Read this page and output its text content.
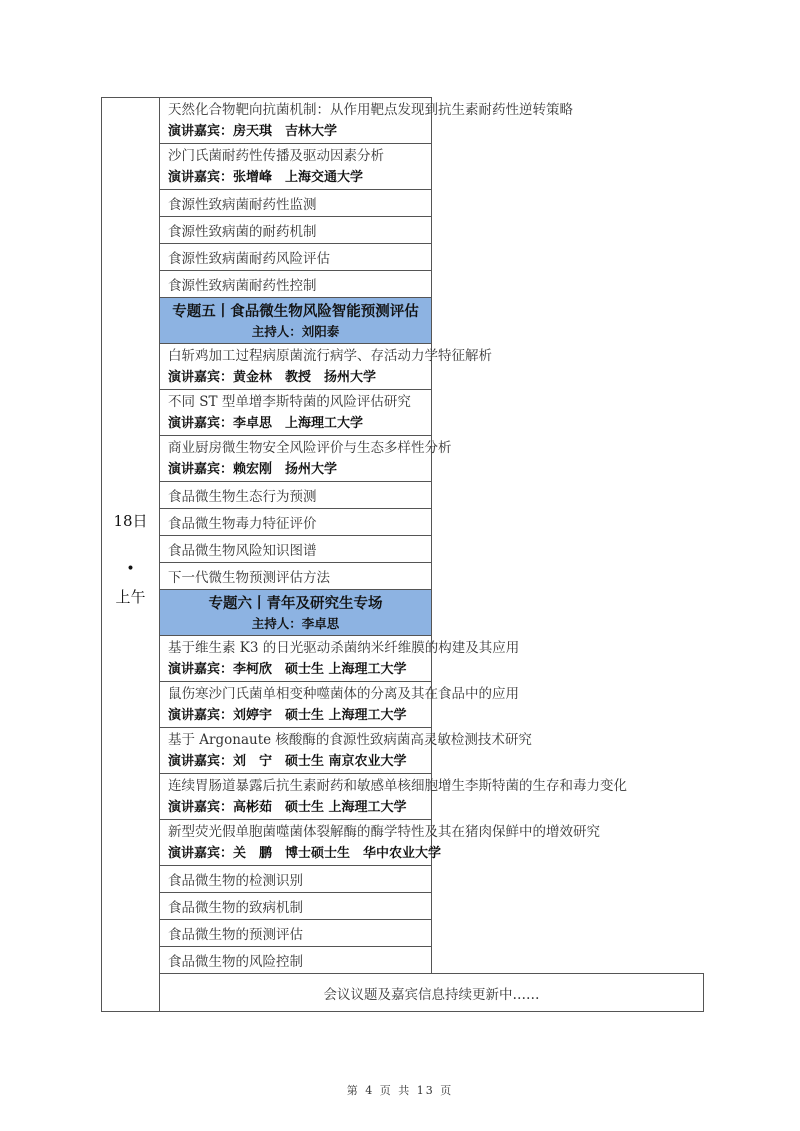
18日
•
上午

天然化合物靶向抗菌机制：从作用靶点发现到抗生素耐药性逆转策略
演讲嘉宾：房天琪　吉林大学

沙门氏菌耐药性传播及驱动因素分析
演讲嘉宾：张增峰　上海交通大学

食源性致病菌耐药性监测

食源性致病菌的耐药机制

食源性致病菌耐药风险评估

食源性致病菌耐药性控制

专题五丨食品微生物风险智能预测评估
主持人：刘阳泰

白斩鸡加工过程病原菌流行病学、存活动力学特征解析
演讲嘉宾：黄金林　教授　扬州大学

不同 ST 型单增李斯特菌的风险评估研究
演讲嘉宾：李卓思　上海理工大学

商业厨房微生物安全风险评价与生态多样性分析
演讲嘉宾：赖宏刚　扬州大学

食品微生物生态行为预测

食品微生物毒力特征评价

食品微生物风险知识图谱

下一代微生物预测评估方法

专题六丨青年及研究生专场
主持人：李卓思

基于维生素 K3 的日光驱动杀菌纳米纤维膜的构建及其应用
演讲嘉宾：李柯欣　硕士生 上海理工大学

鼠伤寒沙门氏菌单相变种噬菌体的分离及其在食品中的应用
演讲嘉宾：刘婷宇　硕士生 上海理工大学

基于 Argonaute 核酸酶的食源性致病菌高灵敏检测技术研究
演讲嘉宾：刘　宁　硕士生 南京农业大学

连续胃肠道暴露后抗生素耐药和敏感单核细胞增生李斯特菌的生存和毒力变化
演讲嘉宾：高彬茹　硕士生 上海理工大学

新型荧光假单胞菌噬菌体裂解酶的酶学特性及其在猪肉保鲜中的增效研究
演讲嘉宾：关　鹏　博士硕士生　华中农业大学

食品微生物的检测识别

食品微生物的致病机制

食品微生物的预测评估

食品微生物的风险控制

会议议题及嘉宾信息持续更新中……
第 4 页 共 13 页
